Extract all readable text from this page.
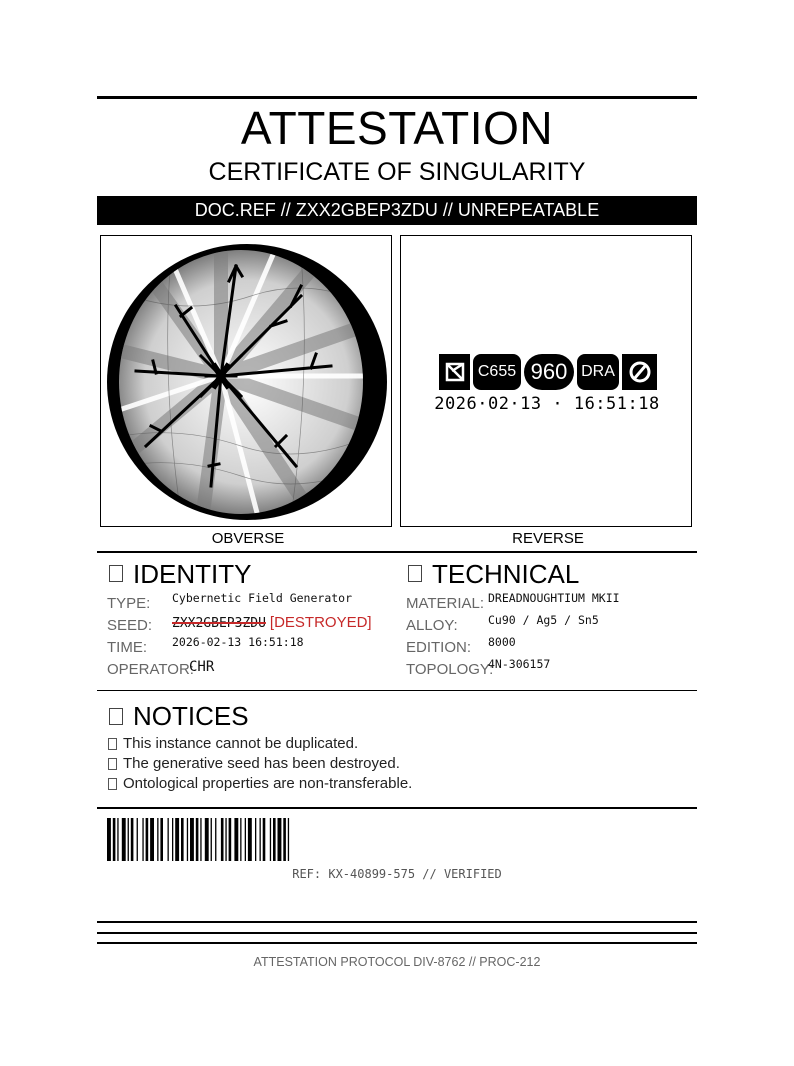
ATTESTATION
CERTIFICATE OF SINGULARITY
DOC.REF // ZXX2GBEP3ZDU // UNREPEATABLE
C655 960 DRA
2026·02·13 · 16:51:18
OBVERSE	REVERSE
IDENTITY
TYPE: Cybernetic Field Generator
SEED: ZXX2GBEP3ZDU [DESTROYED]
TIME: 2026-02-13 16:51:18
OPERATOR:
CHR
TECHNICAL
MATERIAL: DREADNOUGHTIUM MKII
ALLOY:	Cu90 / Ag5 / Sn5
EDITION: 8000
TOPOLOGY:
4N-306157
NOTICES
This instance cannot be duplicated.
The generative seed has been destroyed.
Ontological properties are non-transferable.
REF: KX-40899-575 // VERIFIED
ATTESTATION PROTOCOL DIV-8762 // PROC-212
